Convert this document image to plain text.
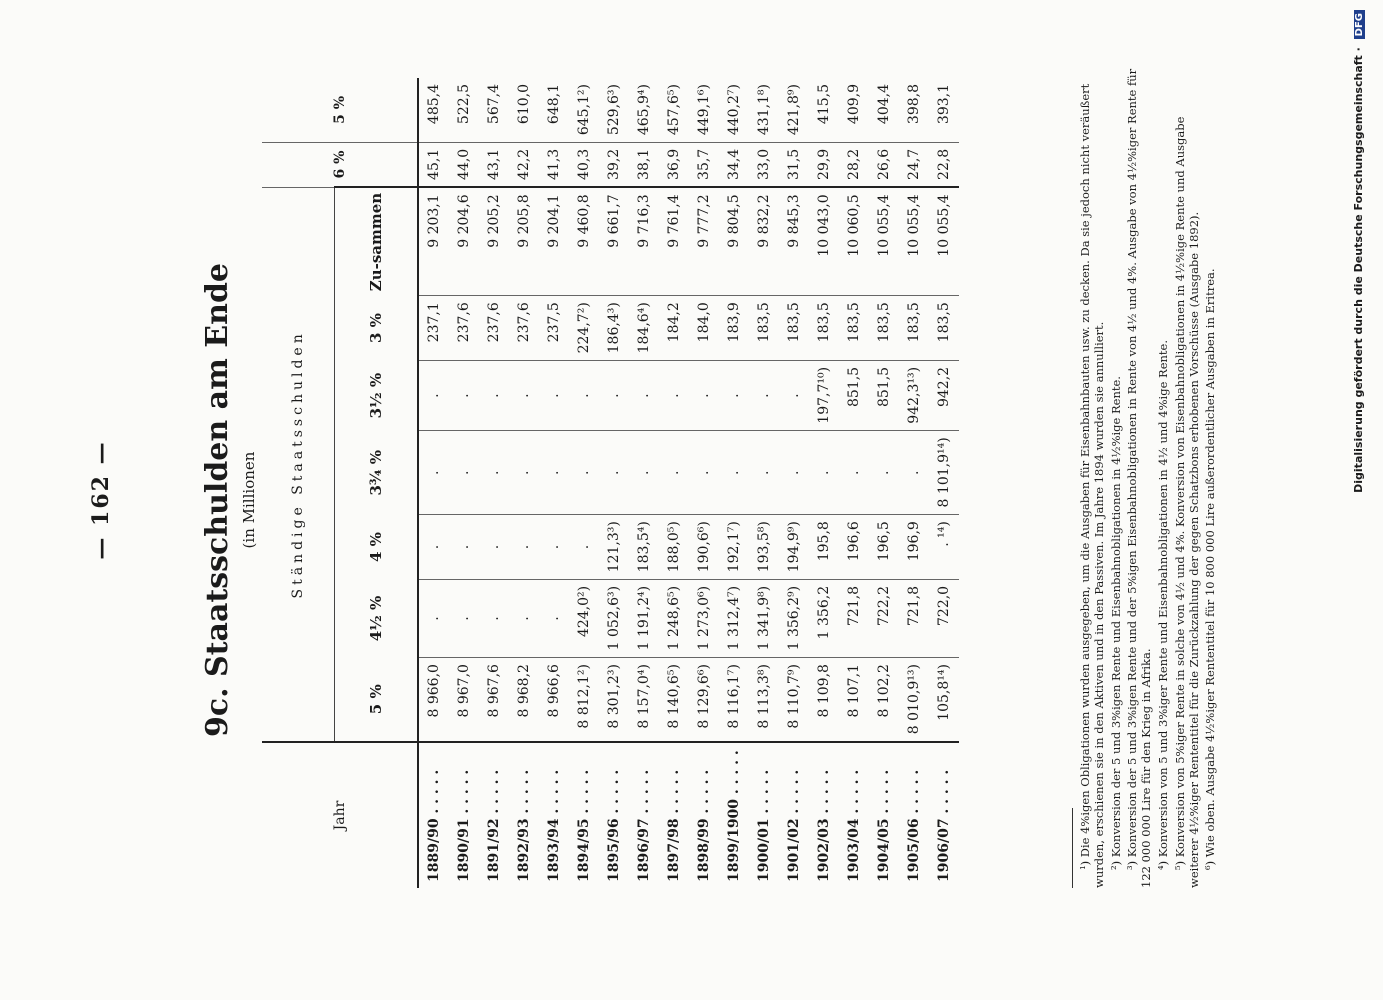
— 162 —	9c. Staatsschulden am Ende (in Millionen
Jahr	Ständige Staatsschulden							6 %	5 %
	5 %	4½ %	4 %	3¾ %	3½ %	3 %	Zu-sammen		
1889/90 . . . . .	8 966,0	.	.	.	.	237,1	9 203,1	45,1	485,4
1890/91 . . . . .	8 967,0	.	.	.	.	237,6	9 204,6	44,0	522,5
1891/92 . . . . .	8 967,6	.	.	.	.	237,6	9 205,2	43,1	567,4
1892/93 . . . . .	8 968,2	.	.	.	.	237,6	9 205,8	42,2	610,0
1893/94 . . . . .	8 966,6	.	.	.	.	237,5	9 204,1	41,3	648,1
1894/95 . . . . .	8 812,1²)	424,0²)	.	.	.	224,7²)	9 460,8	40,3	645,1²)
1895/96 . . . . .	8 301,2³)	1 052,6³)	121,3³)	.	.	186,4³)	9 661,7	39,2	529,6³)
1896/97 . . . . .	8 157,0⁴)	1 191,2⁴)	183,5⁴)	.	.	184,6⁴)	9 716,3	38,1	465,9⁴)
1897/98 . . . . .	8 140,6⁵)	1 248,6⁵)	188,0⁵)	.	.	184,2	9 761,4	36,9	457,6⁵)
1898/99 . . . . .	8 129,6⁶)	1 273,0⁶)	190,6⁶)	.	.	184,0	9 777,2	35,7	449,1⁶)
1899/1900 . . . . .	8 116,1⁷)	1 312,4⁷)	192,1⁷)	.	.	183,9	9 804,5	34,4	440,2⁷)
1900/01 . . . . .	8 113,3⁸)	1 341,9⁸)	193,5⁸)	.	.	183,5	9 832,2	33,0	431,1⁸)
1901/02 . . . . .	8 110,7⁹)	1 356,2⁹)	194,9⁹)	.	.	183,5	9 845,3	31,5	421,8⁹)
1902/03 . . . . .	8 109,8	1 356,2	195,8	.	197,7¹⁰)	183,5	10 043,0	29,9	415,5
1903/04 . . . . .	8 107,1	721,8	196,6	.	851,5	183,5	10 060,5	28,2	409,9
1904/05 . . . . .	8 102,2	722,2	196,5	.	851,5	183,5	10 055,4	26,6	404,4
1905/06 . . . . .	8 010,9¹³)	721,8	196,9	.	942,3¹³)	183,5	10 055,4	24,7	398,8
1906/07 . . . . .	105,8¹⁴)	722,0	. ¹⁴)	8 101,9¹⁴)	942,2	183,5	10 055,4	22,8	393,1	¹) Die 4%igen Obligationen wurden ausgegeben, um die Ausgaben für Eisenbahnbauten usw. zu decken. Da sie jedoch nicht veräußert wurden, erschienen sie in den Aktiven und in den Passiven. Im Jahre 1894 wurden sie annulliert. ²) Konversion der 5 und 3%igen Rente und Eisenbahnobligationen in 4½%ige Rente. ³) Konversion der 5 und 3%igen Rente und der 5%igen Eisenbahnobligationen in Rente von 4½ und 4%. Ausgabe von 4½%iger Rente für 122 000 000 Lire für den Krieg in Afrika. ⁴) Konversion von 5 und 3%iger Rente und Eisenbahnobligationen in 4½ und 4%ige Rente. ⁵) Konversion von 5%iger Rente in solche von 4½ und 4%. Konversion von Eisenbahnobligationen in 4½%ige Rente und Ausgabe weiterer 4½%iger Rententitel für die Zurückzahlung der gegen Schatzbons erhobenen Vorschüsse (Ausgabe 1892). ⁶) Wie oben. Ausgabe 4½%iger Rententitel für 10 800 000 Lire außerordentlicher Ausgaben in Eritrea.	Digitalisierung gefördert durch die Deutsche Forschungsgemeinschaft · DFG
